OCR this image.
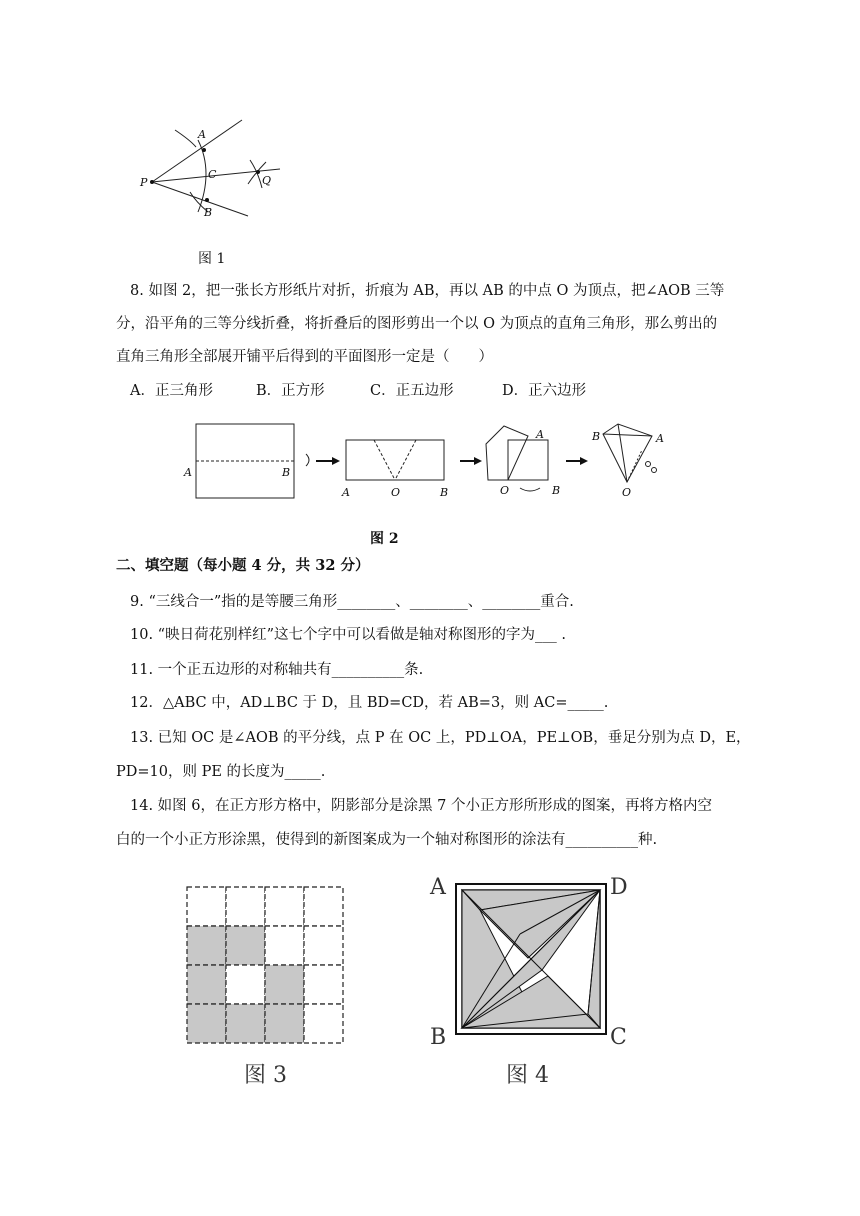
A
C
P
B
Q
图 1
8. 如图 2，把一张长方形纸片对折，折痕为 AB，再以 AB 的中点 O 为顶点，把∠AOB 三等
分，沿平角的三等分线折叠，将折叠后的图形剪出一个以 O 为顶点的直角三角形，那么剪出的
直角三角形全部展开铺平后得到的平面图形一定是（　　）
A．正三角形	B．正方形	C．正五边形	D．正六边形
A	B
A	O	B
A
O	B
B	A
O
图 2
二、填空题（每小题 4 分，共 32 分）
9. “三线合一”指的是等腰三角形________、________、________重合.
10. “映日荷花别样红”这七个字中可以看做是轴对称图形的字为___ .
11. 一个正五边形的对称轴共有__________条.
12．△ABC 中，AD⊥BC 于 D，且 BD=CD，若 AB=3，则 AC=_____.
13. 已知 OC 是∠AOB 的平分线，点 P 在 OC 上，PD⊥OA，PE⊥OB，垂足分别为点 D，E，
PD=10，则 PE 的长度为_____.
14. 如图 6，在正方形方格中，阴影部分是涂黑 7 个小正方形所形成的图案，再将方格内空
白的一个小正方形涂黑，使得到的新图案成为一个轴对称图形的涂法有__________种.
图 3
A	D
B	C
图 4
